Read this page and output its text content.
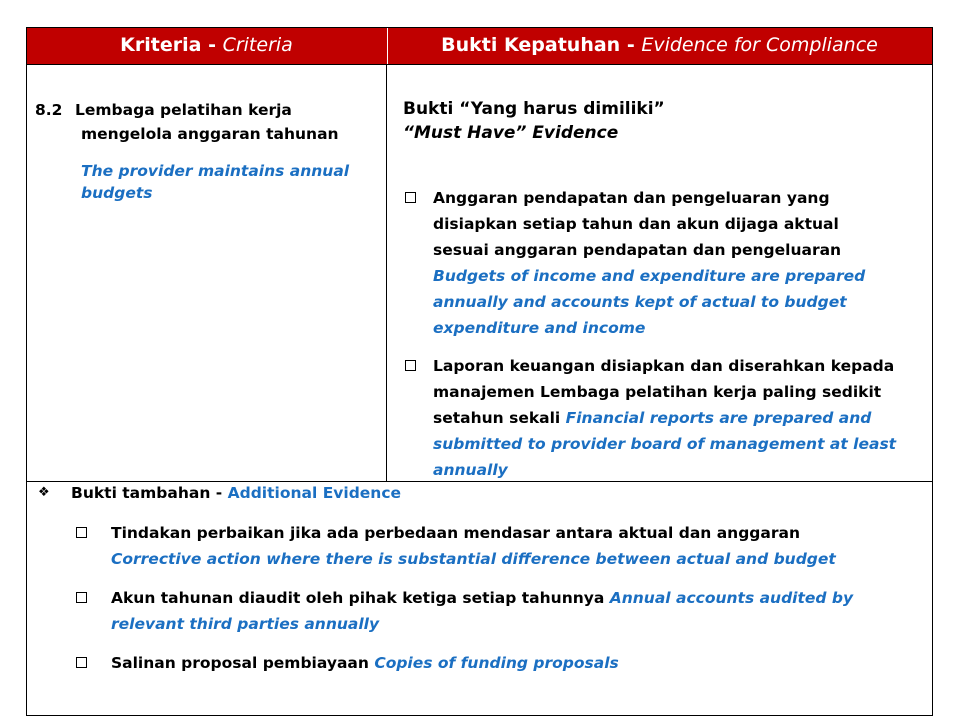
Kriteria - Criteria	Bukti Kepatuhan - Evidence for Compliance
8.2 Lembaga pelatihan kerja
mengelola anggaran tahunan
The provider maintains annual budgets
Bukti “Yang harus dimiliki”
“Must Have” Evidence
Anggaran pendapatan dan pengeluaran yang
disiapkan setiap tahun dan akun dijaga aktual
sesuai anggaran pendapatan dan pengeluaran
Budgets of income and expenditure are prepared
annually and accounts kept of actual to budget
expenditure and income
Laporan keuangan disiapkan dan diserahkan kepada
manajemen Lembaga pelatihan kerja paling sedikit
setahun sekali Financial reports are prepared and
submitted to provider board of management at least
annually
❖ Bukti tambahan - Additional Evidence
Tindakan perbaikan jika ada perbedaan mendasar antara aktual dan anggaran
Corrective action where there is substantial difference between actual and budget
Akun tahunan diaudit oleh pihak ketiga setiap tahunnya Annual accounts audited by
relevant third parties annually
Salinan proposal pembiayaan Copies of funding proposals
